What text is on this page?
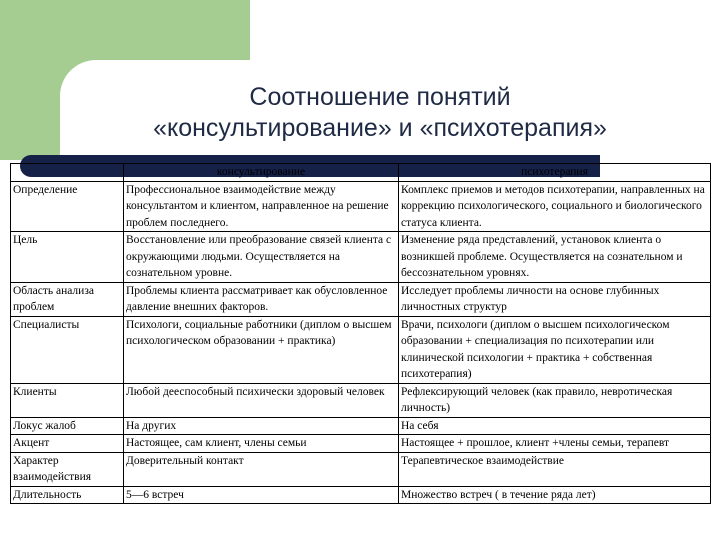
Соотношение понятий
«консультирование» и «психотерапия»
	консультирование	психотерапия
Определение	Профессиональное взаимодействие между консультантом и клиентом, направленное на решение проблем последнего.	Комплекс приемов и методов психотерапии, направленных на коррекцию психологического, социального и биологического статуса клиента.
Цель	Восстановление или преобразование связей клиента с окружающими людьми. Осуществляется на сознательном уровне.	Изменение ряда представлений, установок клиента о возникшей проблеме. Осуществляется на сознательном и бессознательном уровнях.
Область анализа проблем	Проблемы клиента рассматривает как обусловленное давление внешних факторов.	Исследует проблемы личности на основе глубинных личностных структур
Специалисты	Психологи, социальные работники (диплом о высшем психологическом образовании + практика)	Врачи, психологи (диплом о высшем психологическом образовании + специализация по психотерапии или клинической психологии + практика + собственная психотерапия)
Клиенты	Любой дееспособный психически здоровый человек	Рефлексирующий человек (как правило, невротическая личность)
Локус жалоб	На других	На себя
Акцент	Настоящее, сам клиент, члены семьи	Настоящее + прошлое, клиент +члены семьи, терапевт
Характер взаимодействия	Доверительный контакт	Терапевтическое взаимодействие
Длительность	5—6 встреч	Множество встреч ( в течение ряда лет)
